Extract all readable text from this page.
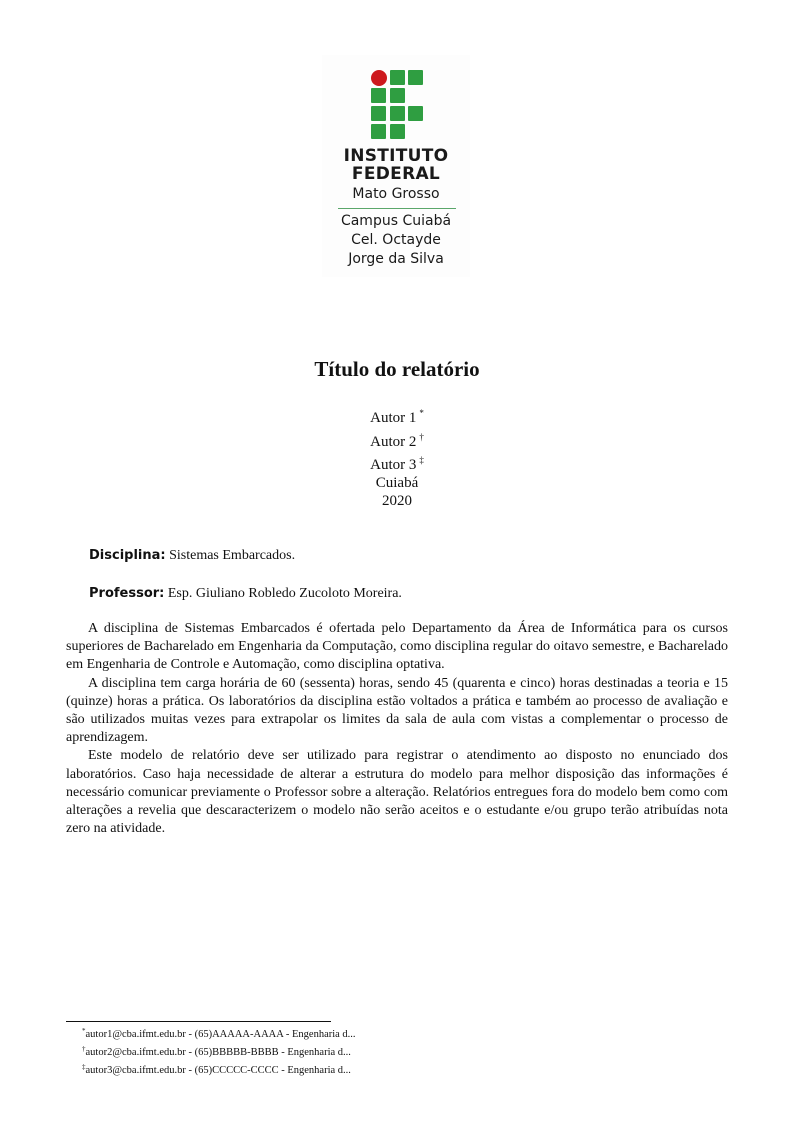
INSTITUTO
FEDERAL
Mato Grosso
Campus Cuiabá
Cel. Octayde
Jorge da Silva
Título do relatório
Autor 1 *
Autor 2 †
Autor 3 ‡
Cuiabá
2020
Disciplina: Sistemas Embarcados.
Professor: Esp. Giuliano Robledo Zucoloto Moreira.

A disciplina de Sistemas Embarcados é ofertada pelo Departamento da Área de Informática para os cursos superiores de Bacharelado em Engenharia da Computação, como disciplina regular do oitavo semestre, e Bacharelado em Engenharia de Controle e Automação, como disciplina optativa.

A disciplina tem carga horária de 60 (sessenta) horas, sendo 45 (quarenta e cinco) horas destinadas a teoria e 15 (quinze) horas a prática. Os laboratórios da disciplina estão voltados a prática e também ao processo de avaliação e são utilizados muitas vezes para extrapolar os limites da sala de aula com vistas a complementar o processo de aprendizagem.

Este modelo de relatório deve ser utilizado para registrar o atendimento ao disposto no enunciado dos laboratórios. Caso haja necessidade de alterar a estrutura do modelo para melhor disposição das informações é necessário comunicar previamente o Professor sobre a alteração. Relatórios entregues fora do modelo bem como com alterações a revelia que descaracterizem o modelo não serão aceitos e o estudante e/ou grupo terão atribuídas nota zero na atividade.

*autor1@cba.ifmt.edu.br - (65)AAAAA-AAAA - Engenharia d...
†autor2@cba.ifmt.edu.br - (65)BBBBB-BBBB - Engenharia d...
‡autor3@cba.ifmt.edu.br - (65)CCCCC-CCCC - Engenharia d...
